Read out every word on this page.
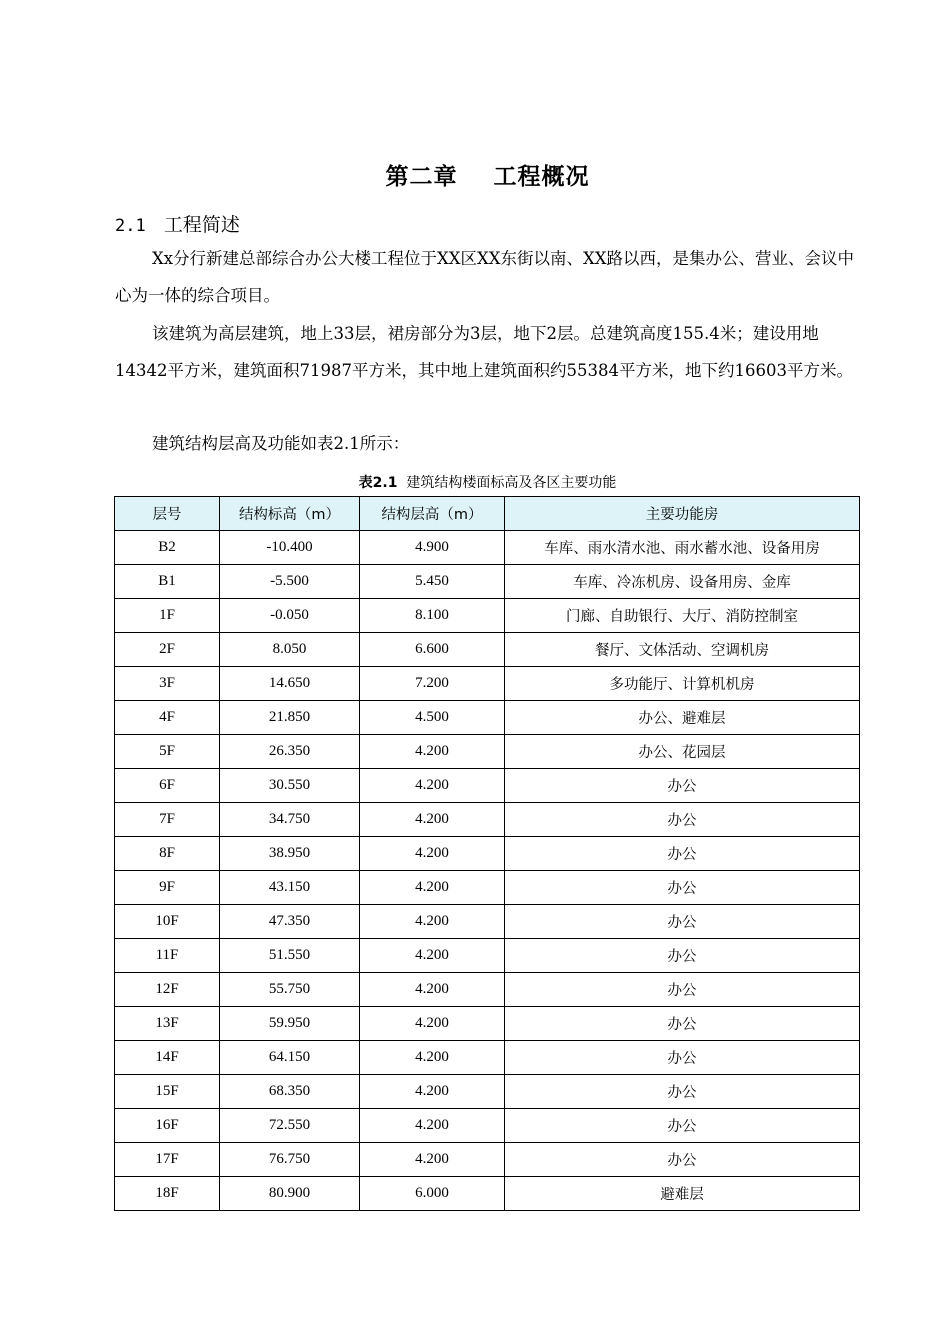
第二章    工程概况
2.1 工程简述

Xx分行新建总部综合办公大楼工程位于XX区XX东街以南、XX路以西，是集办公、营业、会议中心为一体的综合项目。

该建筑为高层建筑，地上33层，裙房部分为3层，地下2层。总建筑高度155.4米；建设用地14342平方米，建筑面积71987平方米，其中地上建筑面积约55384平方米，地下约16603平方米。

建筑结构层高及功能如表2.1所示：

表2.1 建筑结构楼面标高及各区主要功能
层号	结构标高（m）	结构层高（m）	主要功能房
B2	-10.400	4.900	车库、雨水清水池、雨水蓄水池、设备用房
B1	-5.500	5.450	车库、冷冻机房、设备用房、金库
1F	-0.050	8.100	门廊、自助银行、大厅、消防控制室
2F	8.050	6.600	餐厅、文体活动、空调机房
3F	14.650	7.200	多功能厅、计算机机房
4F	21.850	4.500	办公、避难层
5F	26.350	4.200	办公、花园层
6F	30.550	4.200	办公
7F	34.750	4.200	办公
8F	38.950	4.200	办公
9F	43.150	4.200	办公
10F	47.350	4.200	办公
11F	51.550	4.200	办公
12F	55.750	4.200	办公
13F	59.950	4.200	办公
14F	64.150	4.200	办公
15F	68.350	4.200	办公
16F	72.550	4.200	办公
17F	76.750	4.200	办公
18F	80.900	6.000	避难层
